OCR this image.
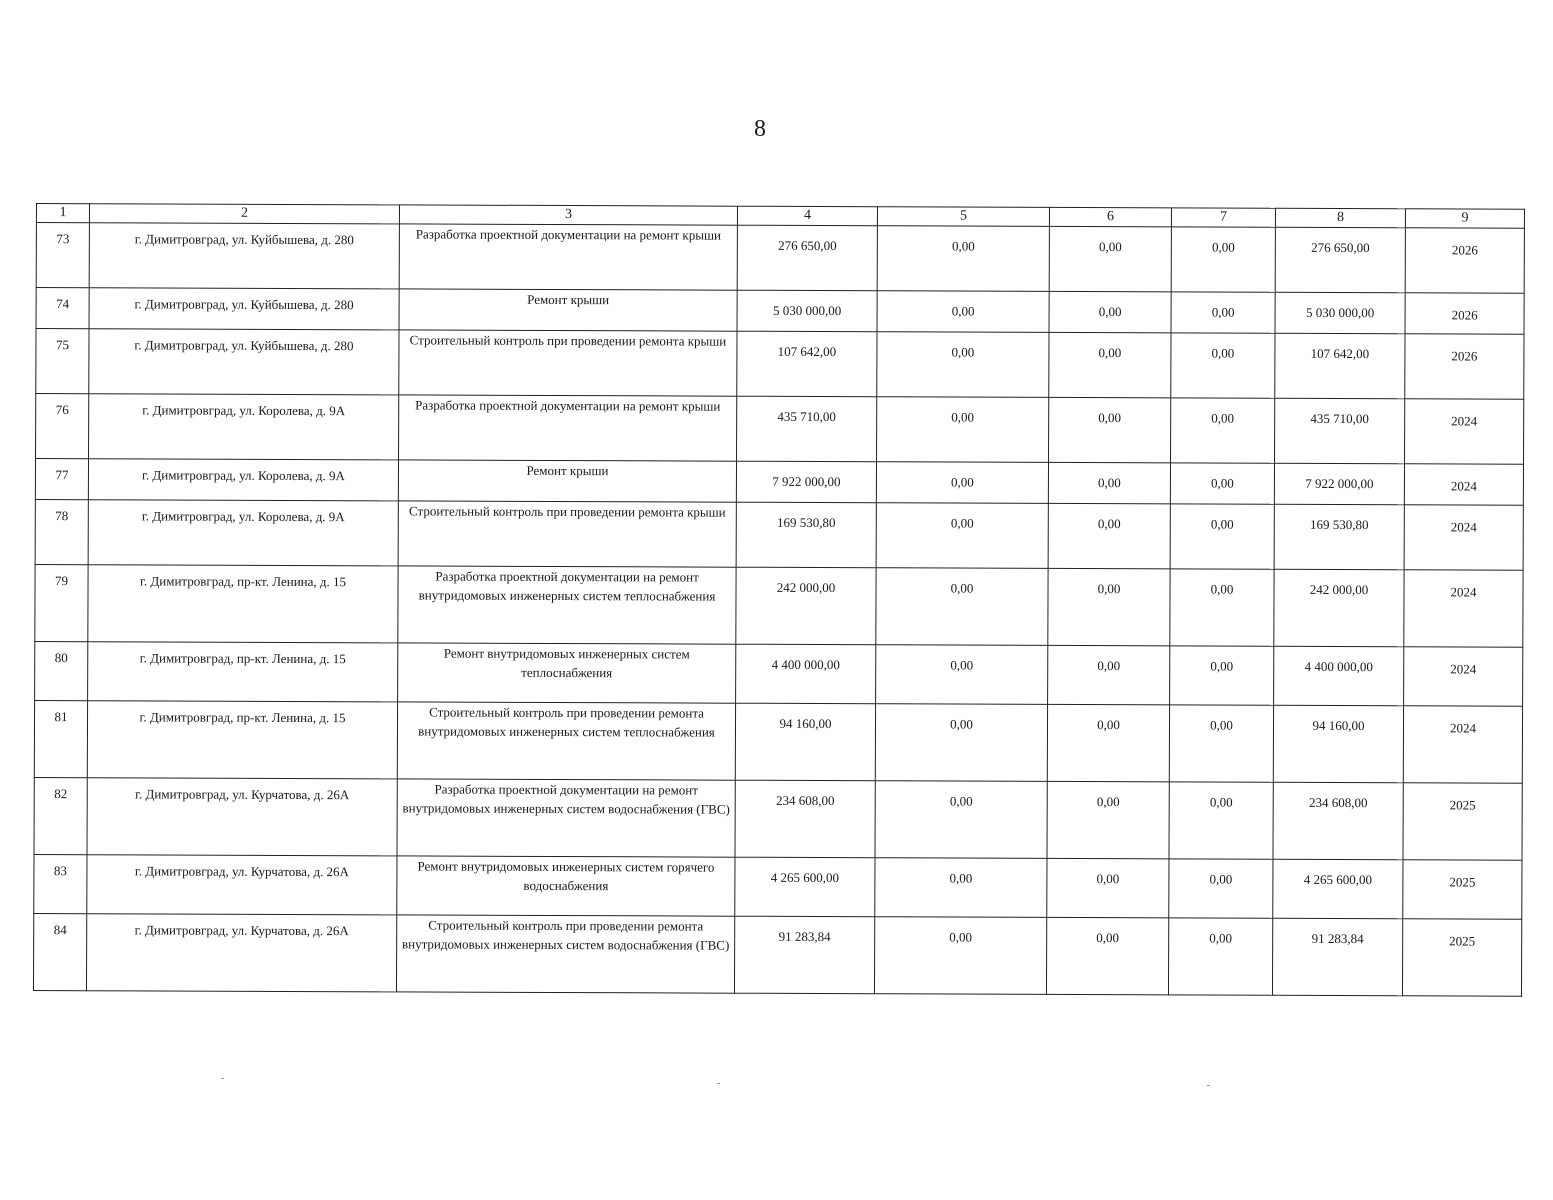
8
1	2	3	4	5	6	7	8	9
73	г. Димитровград, ул. Куйбышева, д. 280	Разработка проектной документации на ремонт крыши	276 650,00	0,00	0,00	0,00	276 650,00	2026
74	г. Димитровград, ул. Куйбышева, д. 280	Ремонт крыши	5 030 000,00	0,00	0,00	0,00	5 030 000,00	2026
75	г. Димитровград, ул. Куйбышева, д. 280	Строительный контроль при проведении ремонта крыши	107 642,00	0,00	0,00	0,00	107 642,00	2026
76	г. Димитровград, ул. Королева, д. 9А	Разработка проектной документации на ремонт крыши	435 710,00	0,00	0,00	0,00	435 710,00	2024
77	г. Димитровград, ул. Королева, д. 9А	Ремонт крыши	7 922 000,00	0,00	0,00	0,00	7 922 000,00	2024
78	г. Димитровград, ул. Королева, д. 9А	Строительный контроль при проведении ремонта крыши	169 530,80	0,00	0,00	0,00	169 530,80	2024
79	г. Димитровград, пр-кт. Ленина, д. 15	Разработка проектной документации на ремонт внутридомовых инженерных систем теплоснабжения	242 000,00	0,00	0,00	0,00	242 000,00	2024
80	г. Димитровград, пр-кт. Ленина, д. 15	Ремонт внутридомовых инженерных систем теплоснабжения	4 400 000,00	0,00	0,00	0,00	4 400 000,00	2024
81	г. Димитровград, пр-кт. Ленина, д. 15	Строительный контроль при проведении ремонта внутридомовых инженерных систем теплоснабжения	94 160,00	0,00	0,00	0,00	94 160,00	2024
82	г. Димитровград, ул. Курчатова, д. 26А	Разработка проектной документации на ремонт внутридомовых инженерных систем водоснабжения (ГВС)	234 608,00	0,00	0,00	0,00	234 608,00	2025
83	г. Димитровград, ул. Курчатова, д. 26А	Ремонт внутридомовых инженерных систем горячего водоснабжения	4 265 600,00	0,00	0,00	0,00	4 265 600,00	2025
84	г. Димитровград, ул. Курчатова, д. 26А	Строительный контроль при проведении ремонта внутридомовых инженерных систем водоснабжения (ГВС)	91 283,84	0,00	0,00	0,00	91 283,84	2025
